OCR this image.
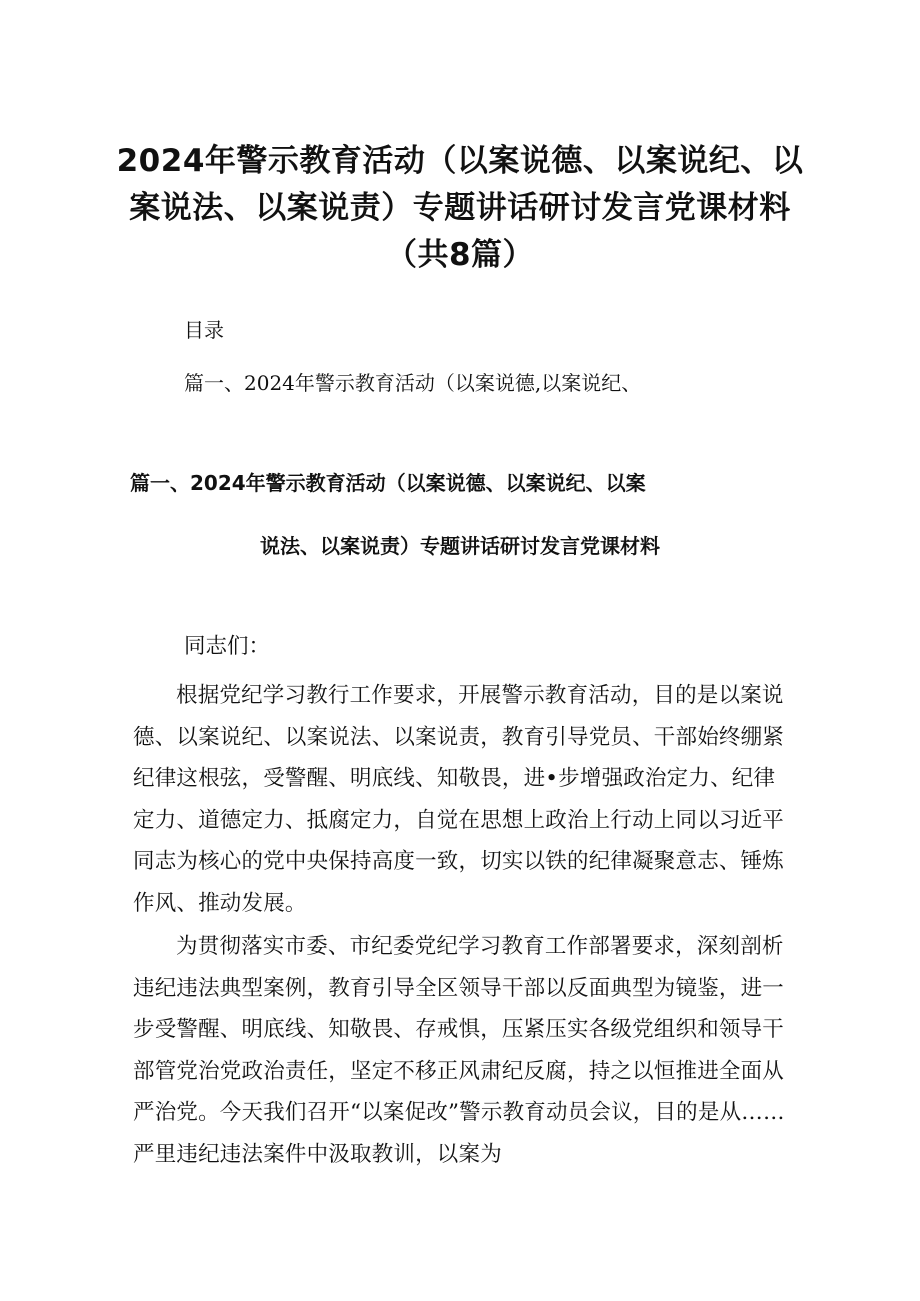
2024年警示教育活动（以案说德、以案说纪、以案说法、以案说责）专题讲话研讨发言党课材料（共8篇）

目录

篇一、2024年警示教育活动（以案说德,以案说纪、

篇一、2024年警示教育活动（以案说德、以案说纪、以案
说法、以案说责）专题讲话研讨发言党课材料

同志们：

根据党纪学习教行工作要求，开展警示教育活动，目的是以案说德、以案说纪、以案说法、以案说责，教育引导党员、干部始终绷紧纪律这根弦，受警醒、明底线、知敬畏，进•步增强政治定力、纪律定力、道德定力、抵腐定力，自觉在思想上政治上行动上同以习近平同志为核心的党中央保持高度一致，切实以铁的纪律凝聚意志、锤炼作风、推动发展。

为贯彻落实市委、市纪委党纪学习教育工作部署要求，深刻剖析违纪违法典型案例，教育引导全区领导干部以反面典型为镜鉴，进一步受警醒、明底线、知敬畏、存戒惧，压紧压实各级党组织和领导干部管党治党政治责任，坚定不移正风肃纪反腐，持之以恒推进全面从严治党。今天我们召开“以案促改”警示教育动员会议，目的是从……严里违纪违法案件中汲取教训，以案为
